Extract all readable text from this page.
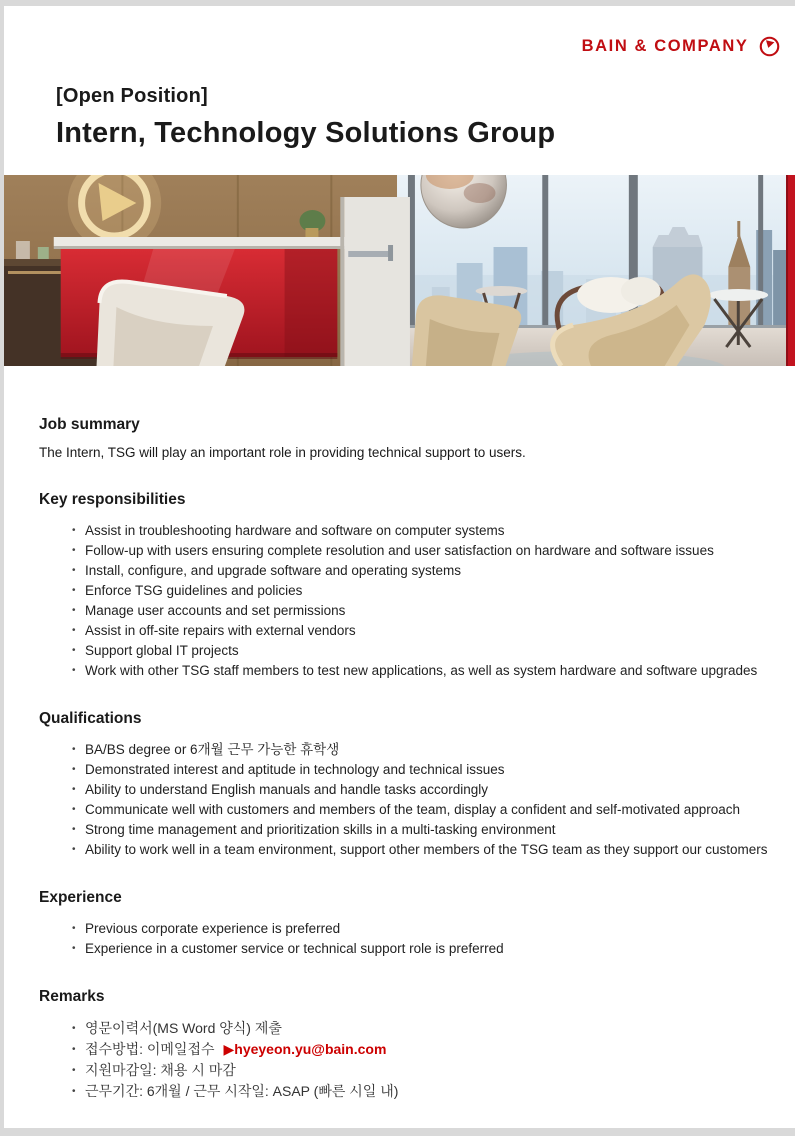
BAIN & COMPANY
[Open Position]
Intern, Technology Solutions Group
Job summary

The Intern, TSG will play an important role in providing technical support to users.

Key responsibilities
• Assist in troubleshooting hardware and software on computer systems
• Follow-up with users ensuring complete resolution and user satisfaction on hardware and software issues
• Install, configure, and upgrade software and operating systems
• Enforce TSG guidelines and policies
• Manage user accounts and set permissions
• Assist in off-site repairs with external vendors
• Support global IT projects
• Work with other TSG staff members to test new applications, as well as system hardware and software upgrades
Qualifications
• BA/BS degree or 6개월 근무 가능한 휴학생
• Demonstrated interest and aptitude in technology and technical issues
• Ability to understand English manuals and handle tasks accordingly
• Communicate well with customers and members of the team, display a confident and self-motivated approach
• Strong time management and prioritization skills in a multi-tasking environment
• Ability to work well in a team environment, support other members of the TSG team as they support our customers
Experience
• Previous corporate experience is preferred
• Experience in a customer service or technical support role is preferred
Remarks
• 영문이력서(MS Word 양식) 제출
• 접수방법: 이메일접수 ▶hyeyeon.yu@bain.com
• 지원마감일: 채용 시 마감
• 근무기간: 6개월 / 근무 시작일: ASAP (빠른 시일 내)
